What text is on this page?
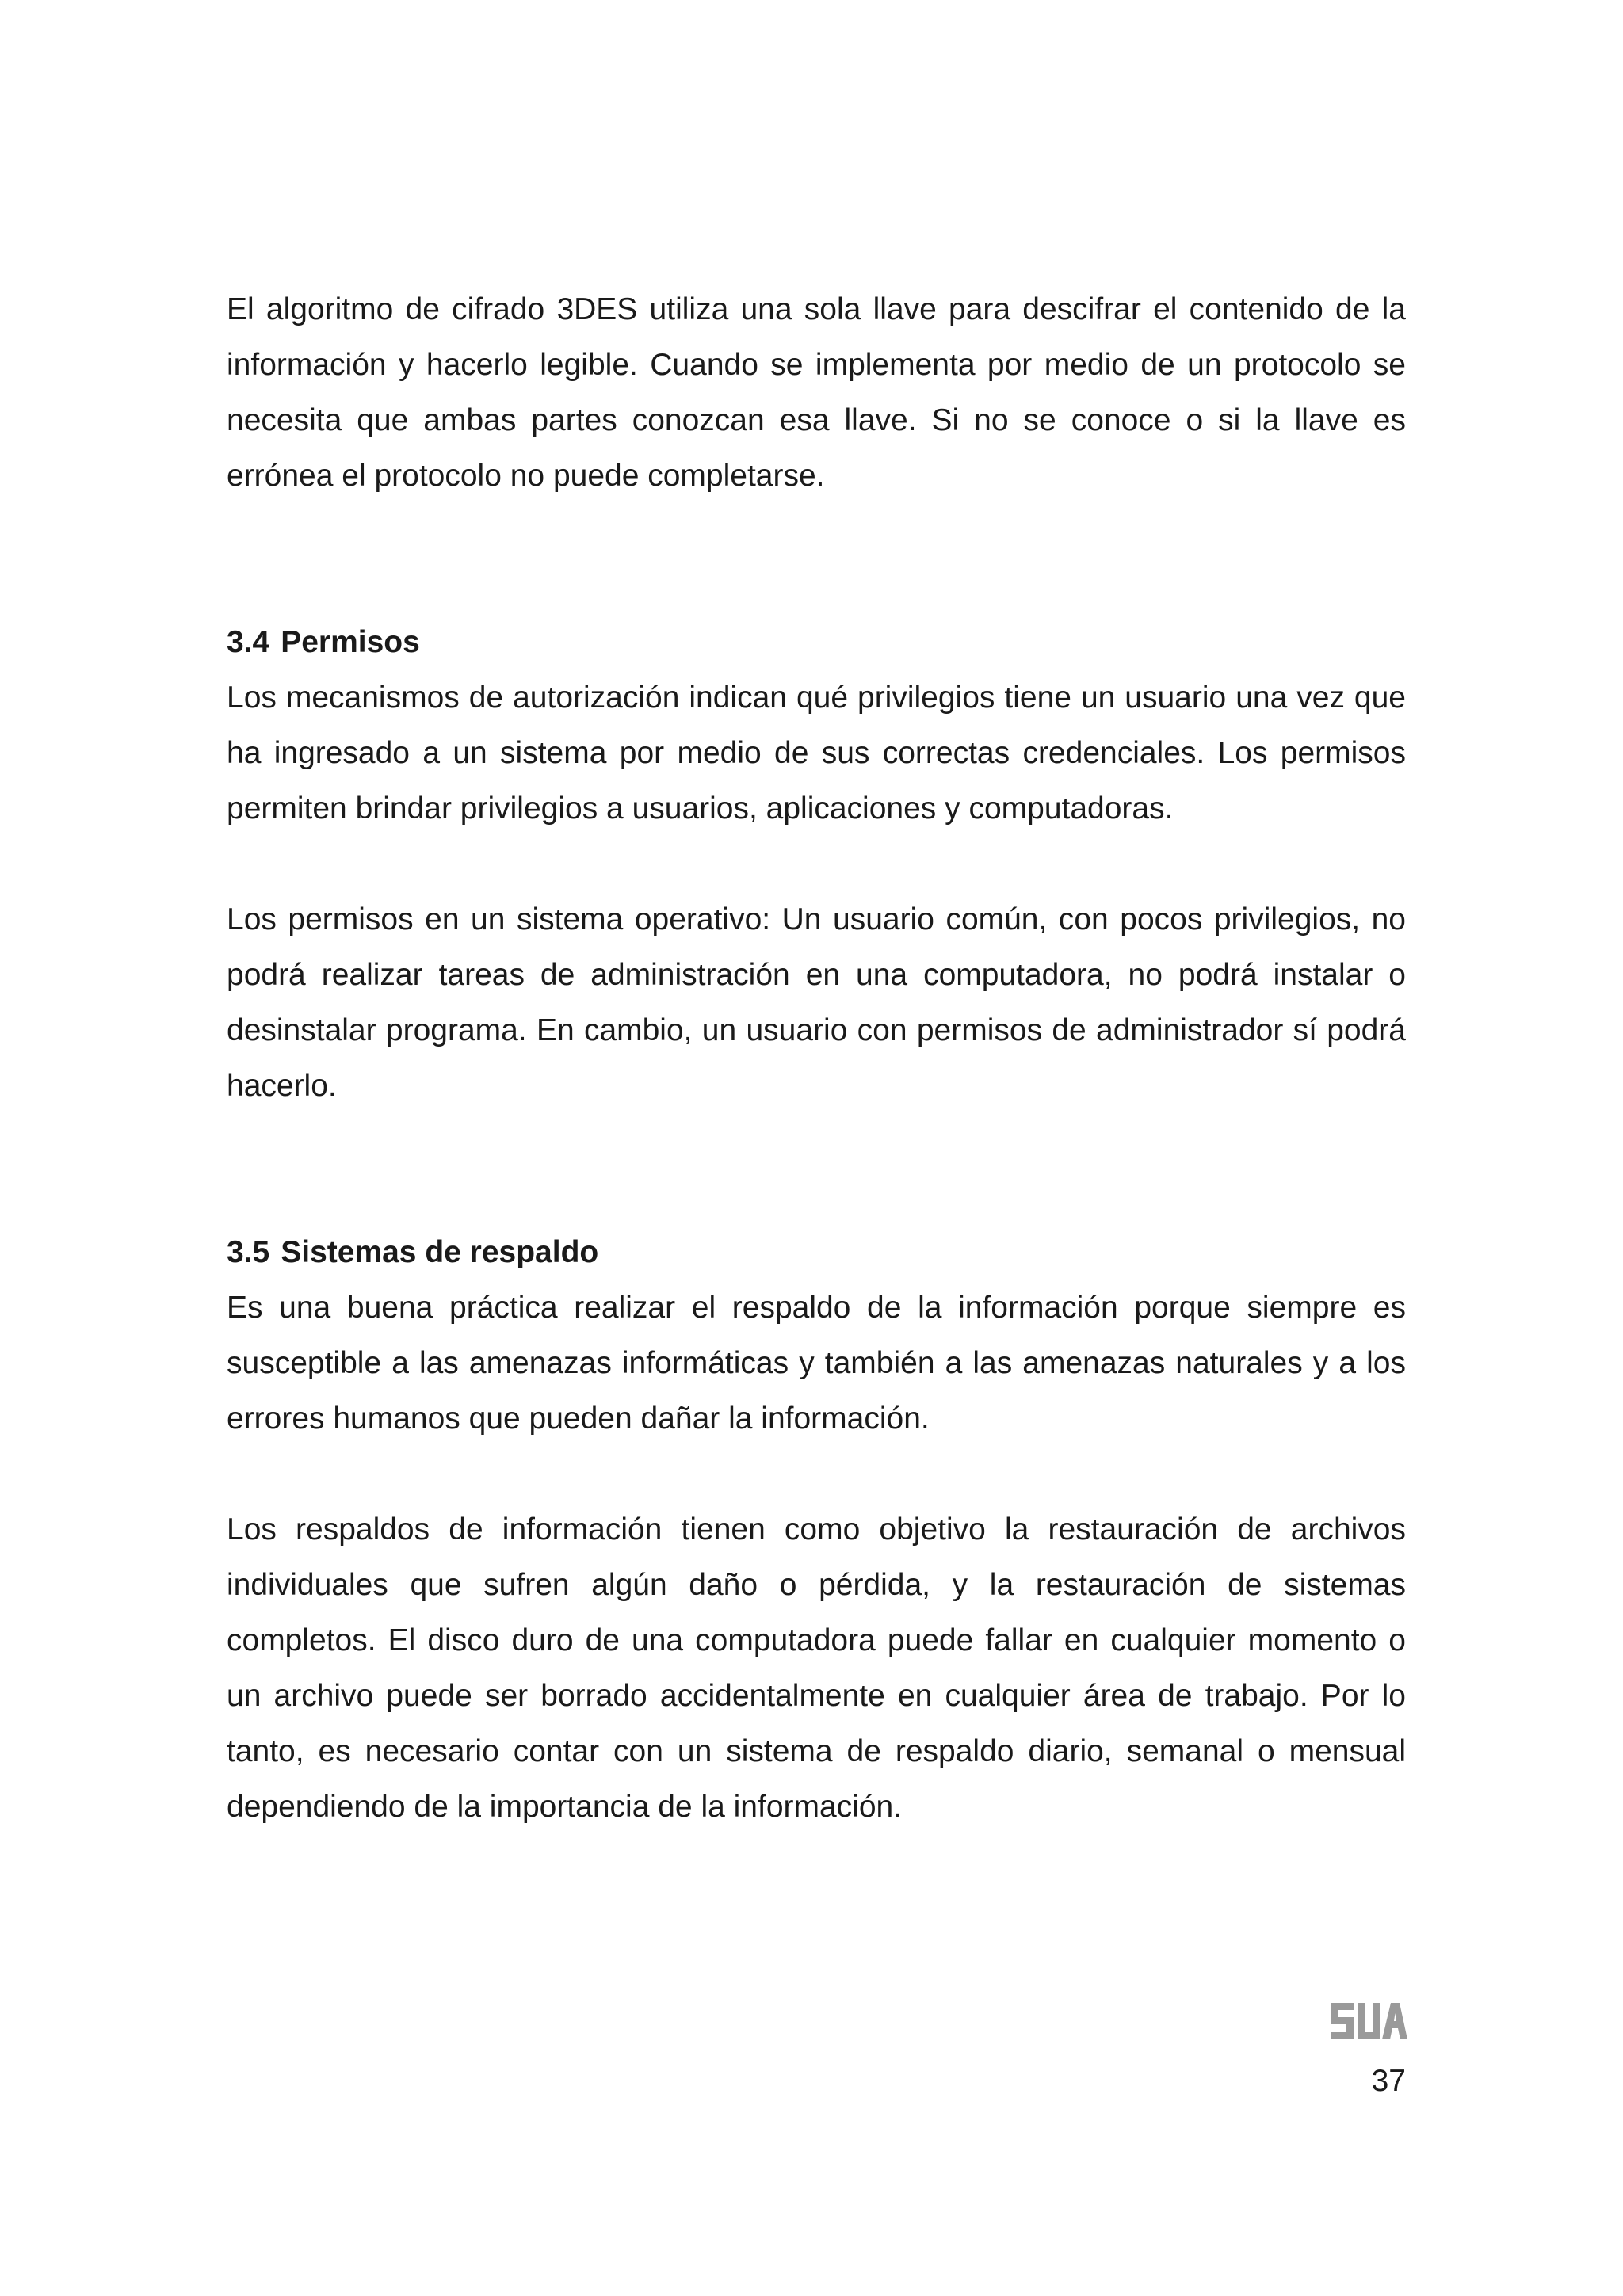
El algoritmo de cifrado 3DES utiliza una sola llave para descifrar el contenido de la información y hacerlo legible. Cuando se implementa por medio de un protocolo se necesita que ambas partes conozcan esa llave. Si no se conoce o si la llave es errónea el protocolo no puede completarse.

3.4 Permisos

Los mecanismos de autorización indican qué privilegios tiene un usuario una vez que ha ingresado a un sistema por medio de sus correctas credenciales. Los permisos permiten brindar privilegios a usuarios, aplicaciones y computadoras.

Los permisos en un sistema operativo: Un usuario común, con pocos privilegios, no podrá realizar tareas de administración en una computadora, no podrá instalar o desinstalar programa. En cambio, un usuario con permisos de administrador sí podrá hacerlo.

3.5 Sistemas de respaldo

Es una buena práctica realizar el respaldo de la información porque siempre es susceptible a las amenazas informáticas y también a las amenazas naturales y a los errores humanos que pueden dañar la información.

Los respaldos de información tienen como objetivo la restauración de archivos individuales que sufren algún daño o pérdida, y la restauración de sistemas completos. El disco duro de una computadora puede fallar en cualquier momento o un archivo puede ser borrado accidentalmente en cualquier área de trabajo. Por lo tanto, es necesario contar con un sistema de respaldo diario, semanal o mensual dependiendo de la importancia de la información.

37
